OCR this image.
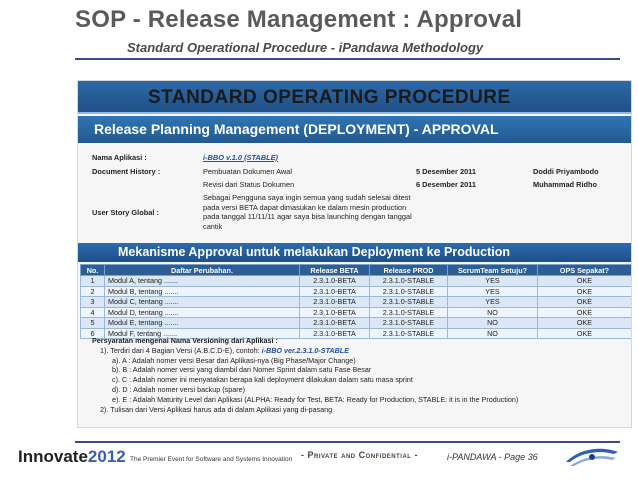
SOP - Release Management : Approval
Standard Operational Procedure - iPandawa Methodology
STANDARD OPERATING PROCEDURE
Release Planning Management (DEPLOYMENT) - APPROVAL
Nama Aplikasi :	i-BBO v.1.0 (STABLE)
Document History :	Pembuatan Dokumen Awal	5 Desember 2011	Doddi Priyambodo
Revisi dari Status Dokumen	6 Desember 2011	Muhammad Ridho
User Story Global :
Sebagai Pengguna saya ingin semua yang sudah selesai ditest pada versi BETA dapat dimasukan ke dalam mesin production pada tanggal 11/11/11 agar saya bisa launching dengan tanggal cantik
Mekanisme Approval untuk melakukan Deployment ke Production
No.	Daftar Perubahan.	Release BETA	Release PROD	ScrumTeam Setuju?	OPS Sepakat?
1	Modul A, tentang .......	2.3.1.0-BETA	2.3.1.0-STABLE	YES	OKE
2	Modul B, tentang .......	2.3.1.0-BETA	2.3.1.0-STABLE	YES	OKE
3	Modul C, tentang .......	2.3.1.0-BETA	2.3.1.0-STABLE	YES	OKE
4	Modul D, tentang .......	2.3.1.0-BETA	2.3.1.0-STABLE	NO	OKE
5	Modul E, tentang .......	2.3.1.0-BETA	2.3.1.0-STABLE	NO	OKE
6	Modul F, tentang .......	2.3.1.0-BETA	2.3.1.0-STABLE	NO	OKE
Persyaratan mengenai Nama Versioning dari Aplikasi :
1). Terdiri dari 4 Bagian Versi (A.B.C.D-E), contoh: i-BBO ver.2.3.1.0-STABLE
a). A : Adalah nomer versi Besar dari Aplikasi-nya (Big Phase/Major Change)
b). B : Adalah nomer versi yang diambil dari Nomer Sprint dalam satu Fase Besar
c). C : Adalah nomer ini menyatakan berapa kali deployment dilakukan dalam satu masa sprint
d). D : Adalah nomer versi backup (spare)
e). E : Adalah Maturity Level dari Aplikasi (ALPHA: Ready for Test, BETA: Ready for Production, STABLE: it is in the Production)
2). Tulisan dari Versi Aplikasi harus ada di dalam Aplikasi yang di-pasang
Innovate2012 The Premier Event for Software and Systems Innovation - Private and Confidential -	i-PANDAWA - Page 36
